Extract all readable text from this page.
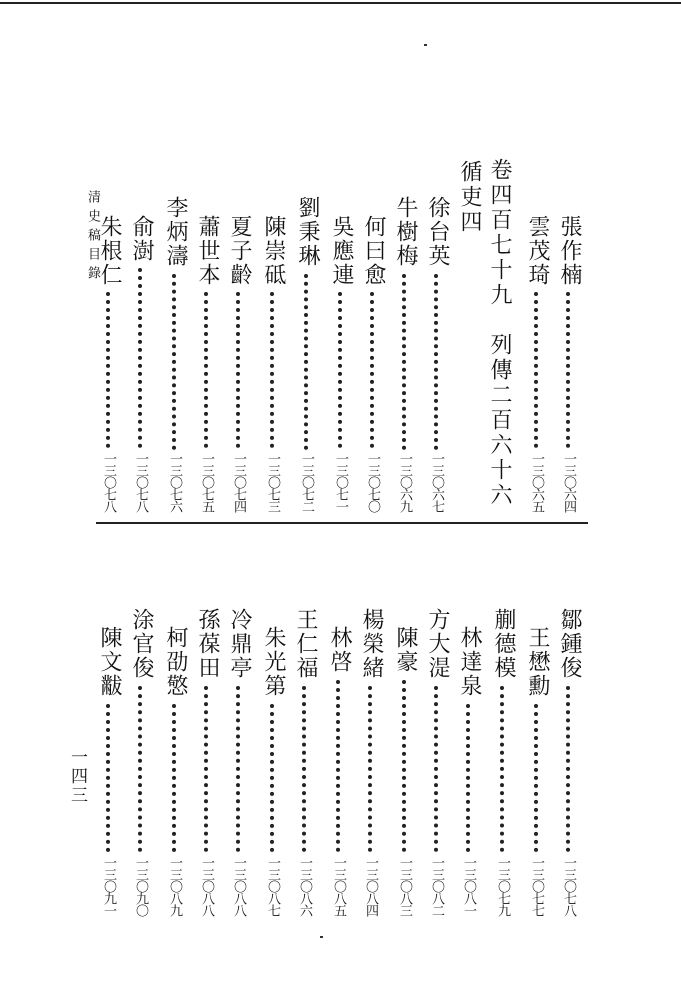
清史稿目錄	卷四百七十九　列傳二百六十六
循吏四
張作楠
一三〇六四
雲茂琦
一三〇六五
徐台英
一三〇六七
牛樹梅
一三〇六九
何曰愈
一三〇七〇
吳應連
一三〇七一
劉秉琳
一三〇七二
陳崇砥
一三〇七三
夏子齡
一三〇七四
蕭世本
一三〇七五
李炳濤
一三〇七六
俞澍
一三〇七八
朱根仁
一三〇七八
鄒鍾俊
一三〇七八
王懋勳
一三〇七七
蒯德模
一三〇七九
林達泉
一三〇八一
方大湜
一三〇八二
陳豪
一三〇八三
楊榮緒
一三〇八四
林啓
一三〇八五
王仁福
一三〇八六
朱光第
一三〇八七
冷鼎亭
一三〇八八
孫葆田
一三〇八八
柯劭憼
一三〇八九
涂官俊
一三〇九〇
陳文黻
一三〇九一
一四三
